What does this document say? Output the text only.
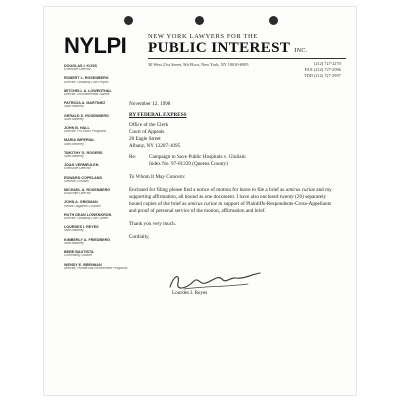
NYLPI	NEW YORK LAWYERS FOR THE
PUBLIC INTEREST INC.
30 West 21st Street, 9th Floor, New York, NY 10010-6905	(212) 727-2270
FAX (212) 727-2996
TDD (212) 727-2997
DOUGLAS I. KOSS
Executive Director
ROBERT L. ROSENBERG
Director, Disability Law Project
MITCHELL A. LOWENTHAL
Director, Environmental Justice
PATRICIA A. MARTINEZ
Staff Attorney
GERALD S. ROSENBERG
Staff Attorney
JOHN B. HALL
Director, Pro Bono Programs
MARIA IMPERIAL
Staff Attorney
TIMOTHY G. ROGERS
Staff Attorney
JOAN VERMEULEN
Executive Director
EDWARD COPELAND
General Counsel
MICHAEL A. ROSENBERG
Associate Director
JOHN A. GRIGMAN
Senior Litigation Counsel
RUTH DEAN LOWENKRON
Director, Disability Law Center
LOURDES I. REYES
Staff Attorney
KIMBERLY A. FRIEDBERG
Staff Attorney
BEBE BAUTISTA
Community Liaison
WENDY E. BRENNAN
Director, Private Bar Involvement Programs
November 12, 1998
BY FEDERAL EXPRESS
Office of the Clerk
Court of Appeals
20 Eagle Street
Albany, NY 12207-1095
Re:	Campaign to Save Public Hospitals v. Giuliani
Index No. 97-01339 (Queens County)
To Whom It May Concern:
Enclosed for filing please find a notice of motion for leave to file a brief as amicus curiae and my supporting affirmation, all bound as one document. I have also enclosed twenty (20) separately bound copies of the brief as amicus curiae in support of Plaintiffs-Respondents-Cross-Appellants and proof of personal service of the motion, affirmation and brief.
Thank you very much.
Cordially,
Lourdes I. Reyes
